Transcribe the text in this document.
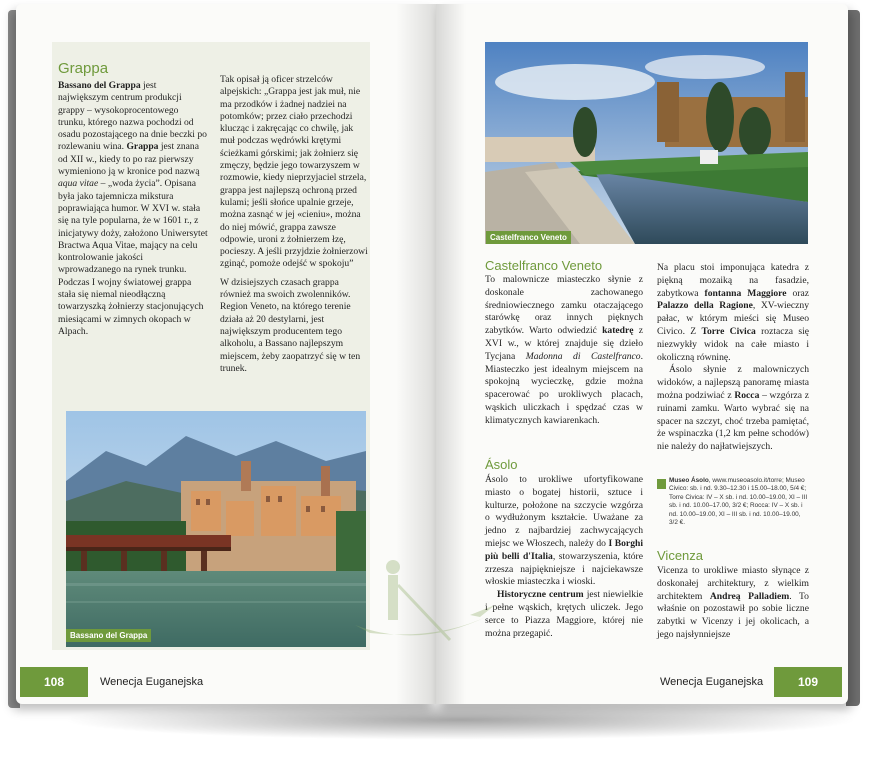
Grappa

Bassano del Grappa jest największym centrum produkcji grappy – wysokoprocentowego trunku, którego nazwa pochodzi od osadu pozostającego na dnie beczki po rozlewaniu wina. Grappa jest znana od XII w., kiedy to po raz pierwszy wymieniono ją w kronice pod nazwą aqua vitae – „woda życia”. Opisana była jako tajemnicza mikstura poprawiająca humor. W XVI w. stała się na tyle popularna, że w 1601 r., z inicjatywy doży, założono Uniwersytet Bractwa Aqua Vitae, mający na celu kontrolowanie jakości wprowadzanego na rynek trunku. Podczas I wojny światowej grappa stała się niemal nieodłączną towarzyszką żołnierzy stacjonujących miesiącami w zimnych okopach w Alpach.

Tak opisał ją oficer strzelców alpejskich: „Grappa jest jak muł, nie ma przodków i żadnej nadziei na potomków; przez ciało przechodzi klucząc i zakręcając co chwilę, jak muł podczas wędrówki krętymi ścieżkami górskimi; jak żołnierz się zmęczy, będzie jego towarzyszem w rozmowie, kiedy nieprzyjaciel strzela, grappa jest najlepszą ochroną przed kulami; jeśli słońce upalnie grzeje, można zasnąć w jej «cieniu», można do niej mówić, grappa zawsze odpowie, uroni z żołnierzem łzę, pocieszy. A jeśli przyjdzie żołnierzowi zginąć, pomoże odejść w spokoju”

W dzisiejszych czasach grappa również ma swoich zwolenników. Region Veneto, na którego terenie działa aż 20 destylarni, jest największym producentem tego alkoholu, a Bassano najlepszym miejscem, żeby zaopatrzyć się w ten trunek.

Bassano del Grappa
108	Wenecja Euganejska
Castelfranco Veneto
Castelfranco Veneto

To malownicze miasteczko słynie z doskonale zachowanego średniowiecznego zamku otaczającego starówkę oraz innych pięknych zabytków. Warto odwiedzić katedrę z XVI w., w której znajduje się dzieło Tycjana Madonna di Castelfranco. Miasteczko jest idealnym miejscem na spokojną wycieczkę, gdzie można spacerować po urokliwych placach, wąskich uliczkach i spędzać czas w klimatycznych kawiarenkach.

Ásolo

Ásolo to urokliwe ufortyfikowane miasto o bogatej historii, sztuce i kulturze, położone na szczycie wzgórza o wydłużonym kształcie. Uważane za jedno z najbardziej zachwycających miejsc we Włoszech, należy do I Borghi più belli d'Italia, stowarzyszenia, które zrzesza najpiękniejsze i najciekawsze włoskie miasteczka i wioski.

Historyczne centrum jest niewielkie i pełne wąskich, krętych uliczek. Jego serce to Piazza Maggiore, której nie można przegapić.

Na placu stoi imponująca katedra z piękną mozaiką na fasadzie, zabytkowa fontanna Maggiore oraz Palazzo della Ragione, XV-wieczny pałac, w którym mieści się Museo Civico. Z Torre Civica roztacza się niezwykły widok na całe miasto i okoliczną równinę.

Ásolo słynie z malowniczych widoków, a najlepszą panoramę miasta można podziwiać z Rocca – wzgórza z ruinami zamku. Warto wybrać się na spacer na szczyt, choć trzeba pamiętać, że wspinaczka (1,2 km pełne schodów) nie należy do najłatwiejszych.

Museo Ásolo, www.museoasolo.it/torre; Museo Civico: sb. i nd. 9.30–12.30 i 15.00–18.00, 5/4 €; Torre Civica: IV – X sb. i nd. 10.00–19.00, XI – III sb. i nd. 10.00–17.00, 3/2 €; Rocca: IV – X sb. i nd. 10.00–19.00, XI – III sb. i nd. 10.00–19.00, 3/2 €.
Vicenza

Vicenza to urokliwe miasto słynące z doskonałej architektury, z wielkim architektem Andreą Palladiem. To właśnie on pozostawił po sobie liczne zabytki w Vicenzy i jej okolicach, a jego najsłynniejsze

Wenecja Euganejska	109
